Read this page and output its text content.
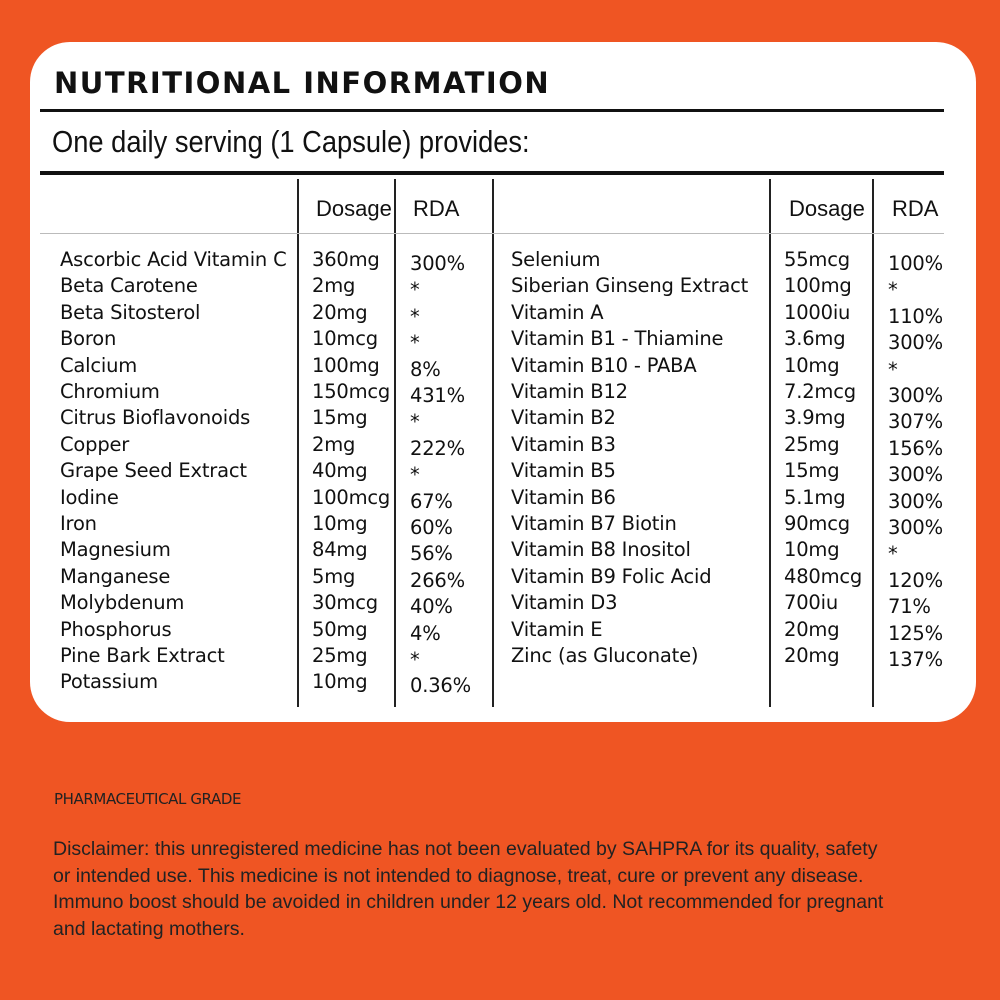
NUTRITIONAL INFORMATION
One daily serving (1 Capsule) provides:
Dosage RDA	Dosage RDA
Ascorbic Acid Vitamin C 360mg 300%
Beta Carotene	2mg	*
Beta Sitosterol	20mg *
Boron	10mcg *
Calcium	100mg 8%
Chromium	150mcg 431%
Citrus Bioflavonoids	15mg *
Copper	2mg	222%
Grape Seed Extract	40mg *
Iodine	100mcg 67%
Iron	10mg 60%
Magnesium	84mg 56%
Manganese	5mg	266%
Molybdenum	30mcg 40%
Phosphorus	50mg 4%
Pine Bark Extract	25mg *
Potassium	10mg 0.36%
Selenium	55mcg 100%
Siberian Ginseng Extract 100mg *
Vitamin A	1000iu 110%
Vitamin B1 - Thiamine	3.6mg 300%
Vitamin B10 - PABA	10mg *
Vitamin B12	7.2mcg 300%
Vitamin B2	3.9mg 307%
Vitamin B3	25mg 156%
Vitamin B5	15mg 300%
Vitamin B6	5.1mg 300%
Vitamin B7 Biotin	90mcg 300%
Vitamin B8 Inositol	10mg *
Vitamin B9 Folic Acid	480mcg 120%
Vitamin D3	700iu	71%
Vitamin E	20mg 125%
Zinc (as Gluconate)	20mg 137%
PHARMACEUTICAL GRADE
Disclaimer: this unregistered medicine has not been evaluated by SAHPRA for its quality, safety
or intended use. This medicine is not intended to diagnose, treat, cure or prevent any disease.
Immuno boost should be avoided in children under 12 years old. Not recommended for pregnant
and lactating mothers.
